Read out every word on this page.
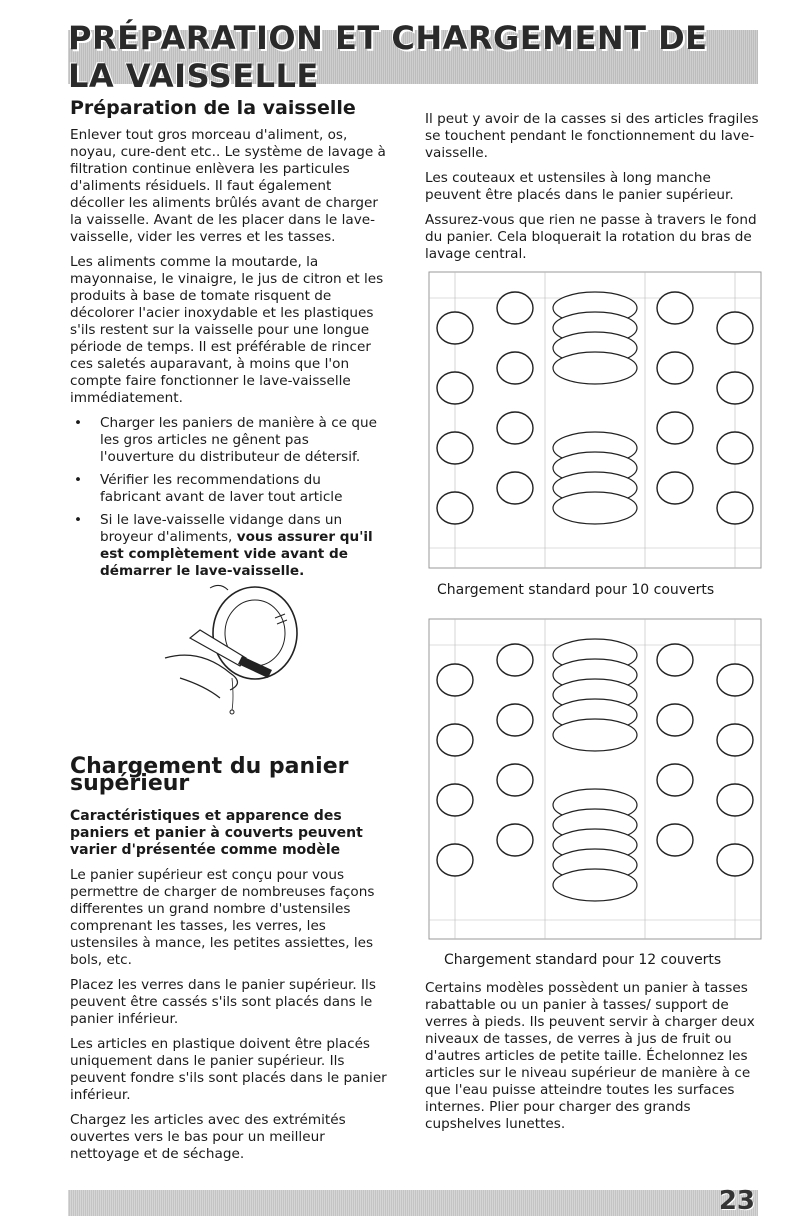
PRÉPARATION ET CHARGEMENT DE LA VAISSELLE
Préparation de la vaisselle

Enlever tout gros morceau d'aliment, os, noyau, cure-dent etc.. Le système de lavage à filtration continue enlèvera les particules d'aliments résiduels. Il faut également décoller les aliments brûlés avant de charger la vaisselle. Avant de les placer dans le lave-vaisselle, vider les verres et les tasses.

Les aliments comme la moutarde, la mayonnaise, le vinaigre, le jus de citron et les produits à base de tomate risquent de décolorer l'acier inoxydable et les plastiques s'ils restent sur la vaisselle pour une longue période de temps. Il est préférable de rincer ces saletés auparavant, à moins que l'on compte faire fonctionner le lave-vaisselle immédiatement.

• Charger les paniers de manière à ce que les gros articles ne gênent pas l'ouverture du distributeur de détersif.
• Vérifier les recommendations du fabricant avant de laver tout article
• Si le lave-vaisselle vidange dans un broyeur d'aliments, vous assurer qu'il est complètement vide avant de démarrer le lave-vaisselle.
Chargement du panier supérieur
Caractéristiques et apparence des paniers et panier à couverts peuvent varier d'présentée comme modèle

Le panier supérieur est conçu pour vous permettre de charger de nombreuses façons differentes un grand nombre d'ustensiles comprenant les tasses, les verres, les ustensiles à mance, les petites assiettes, les bols, etc.

Placez les verres dans le panier supérieur. Ils peuvent être cassés s'ils sont placés dans le panier inférieur.

Les articles en plastique doivent être placés uniquement dans le panier supérieur. Ils peuvent fondre s'ils sont placés dans le panier inférieur.

Chargez les articles avec des extrémités ouvertes vers le bas pour un meilleur nettoyage et de séchage.

Il peut y avoir de la casses si des articles fragiles se touchent pendant le fonctionnement du lave-vaisselle.

Les couteaux et ustensiles à long manche peuvent être placés dans le panier supérieur.

Assurez-vous que rien ne passe à travers le fond du panier. Cela bloquerait la rotation du bras de lavage central.

Chargement standard pour 10 couverts
Chargement standard pour 12 couverts

Certains modèles possèdent un panier à tasses rabattable ou un panier à tasses/ support de verres à pieds. Ils peuvent servir à charger deux niveaux de tasses, de verres à jus de fruit ou d'autres articles de petite taille. Échelonnez les articles sur le niveau supérieur de manière à ce que l'eau puisse atteindre toutes les surfaces internes. Plier pour charger des grands cupshelves lunettes.

23
